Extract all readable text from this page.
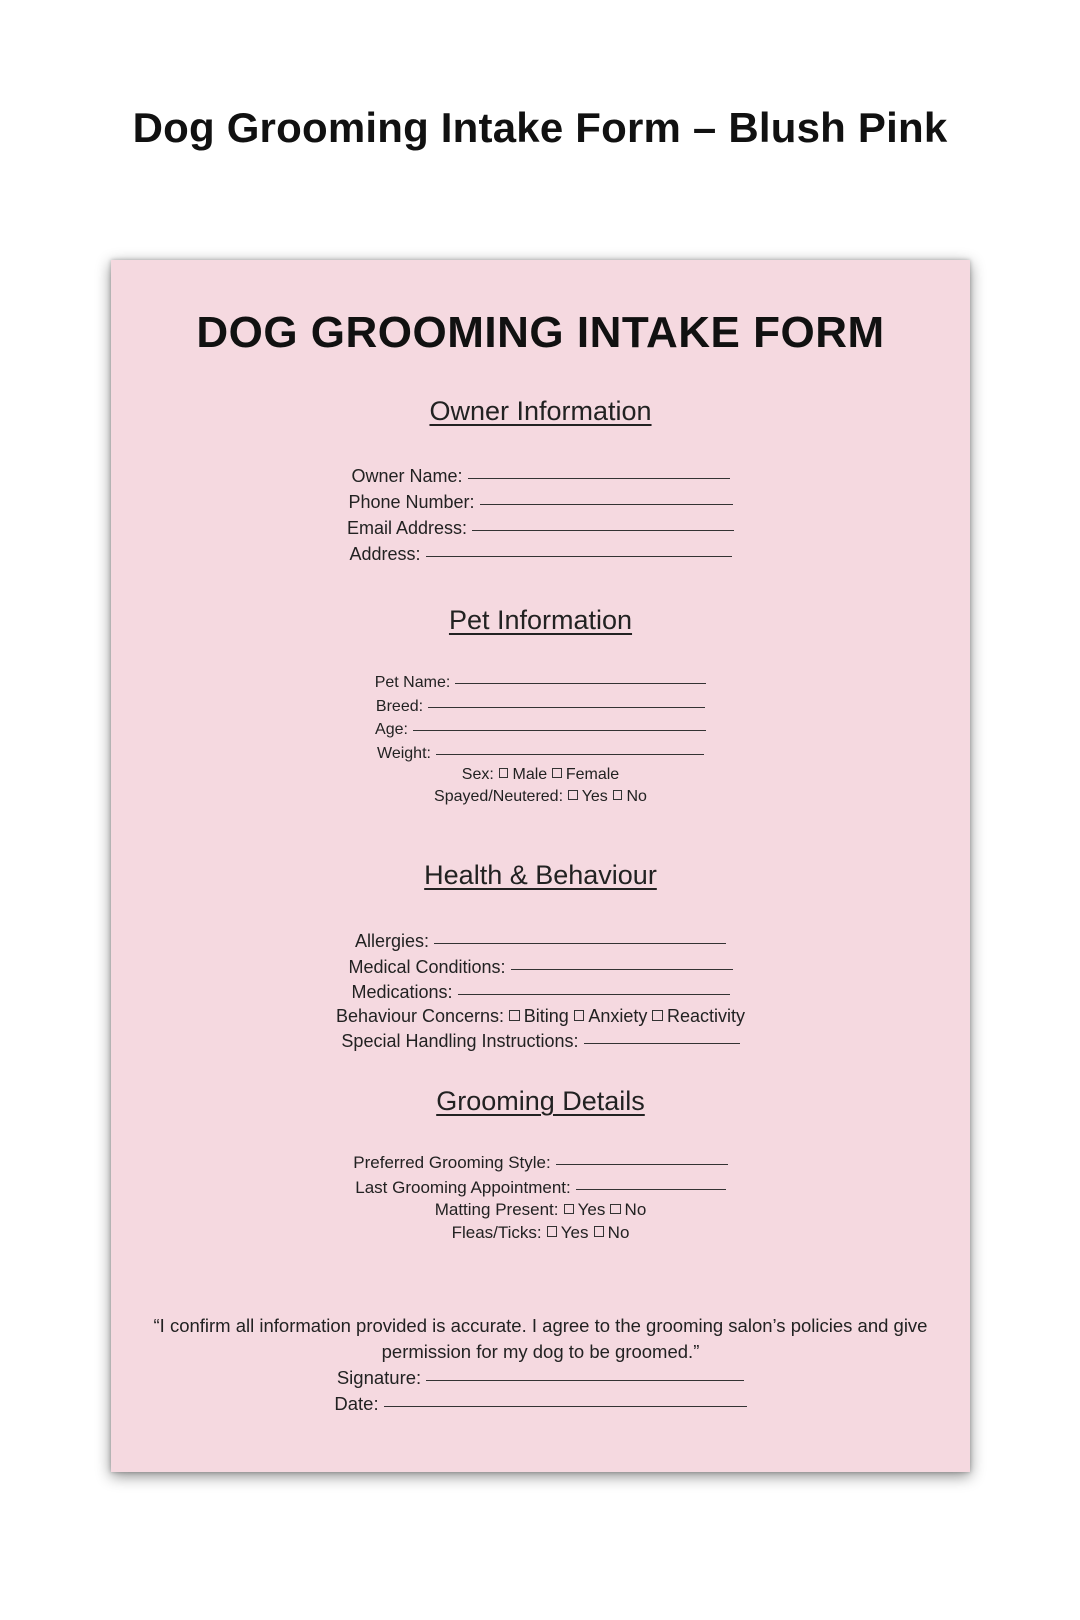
Dog Grooming Intake Form – Blush Pink
DOG GROOMING INTAKE FORM
Owner Information
Owner Name:
Phone Number:
Email Address:
Address:
Pet Information
Pet Name:
Breed:
Age:
Weight:
Sex: Male Female
Spayed/Neutered: Yes No
Health & Behaviour
Allergies:
Medical Conditions:
Medications:
Behaviour Concerns: Biting Anxiety Reactivity
Special Handling Instructions:
Grooming Details
Preferred Grooming Style:
Last Grooming Appointment:
Matting Present: Yes No
Fleas/Ticks: Yes No

“I confirm all information provided is accurate. I agree to the grooming salon’s policies and give permission for my dog to be groomed.”

Signature:
Date:
